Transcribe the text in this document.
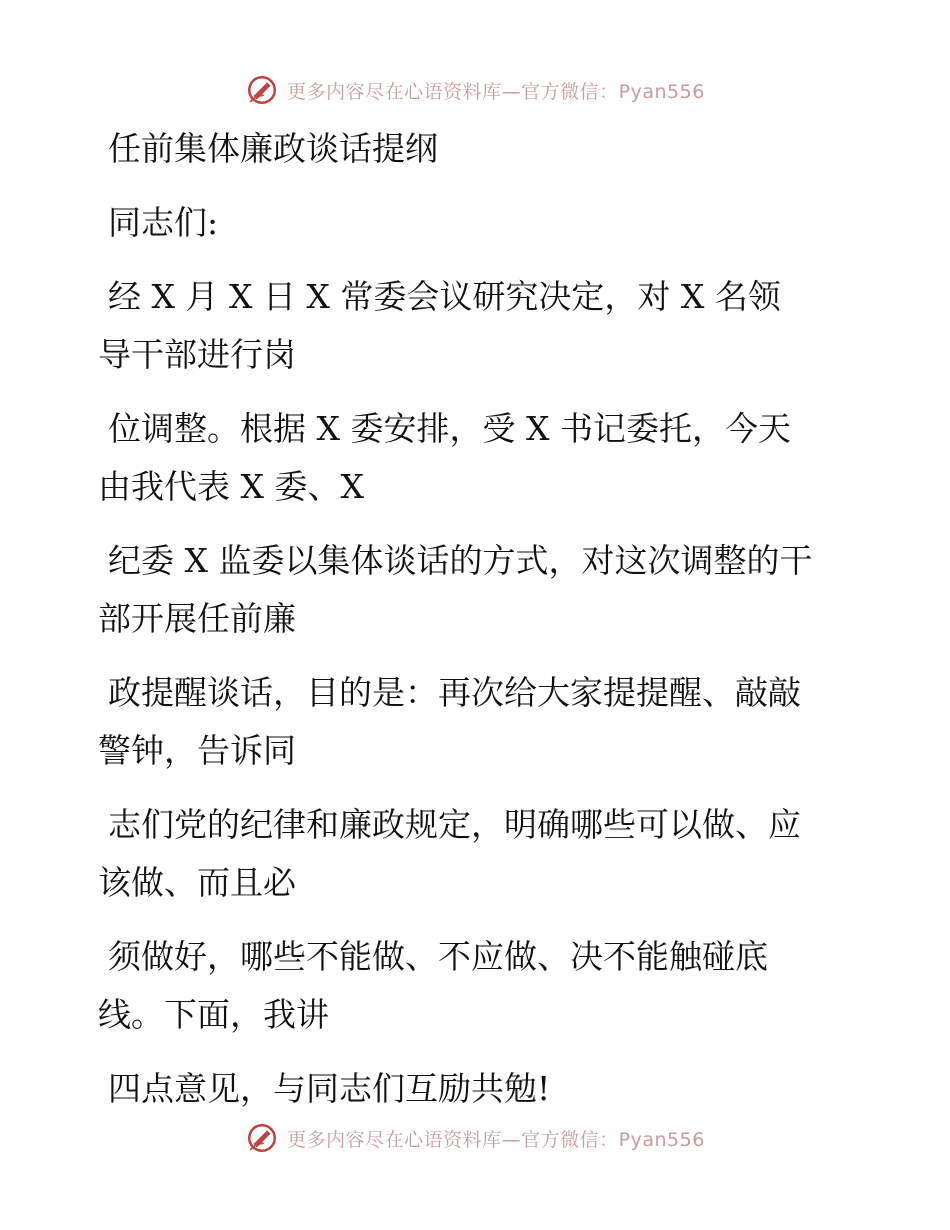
更多内容尽在心语资料库—官方微信：Pyan556

任前集体廉政谈话提纲

同志们:

经 X 月 X 日 X 常委会议研究决定，对 X 名领

导干部进行岗

位调整。根据 X 委安排，受 X 书记委托，今天

由我代表 X 委、X

纪委 X 监委以集体谈话的方式，对这次调整的干

部开展任前廉

政提醒谈话，目的是：再次给大家提提醒、敲敲

警钟，告诉同

志们党的纪律和廉政规定，明确哪些可以做、应

该做、而且必

须做好，哪些不能做、不应做、决不能触碰底

线。下面，我讲

四点意见，与同志们互励共勉!

更多内容尽在心语资料库—官方微信：Pyan556
